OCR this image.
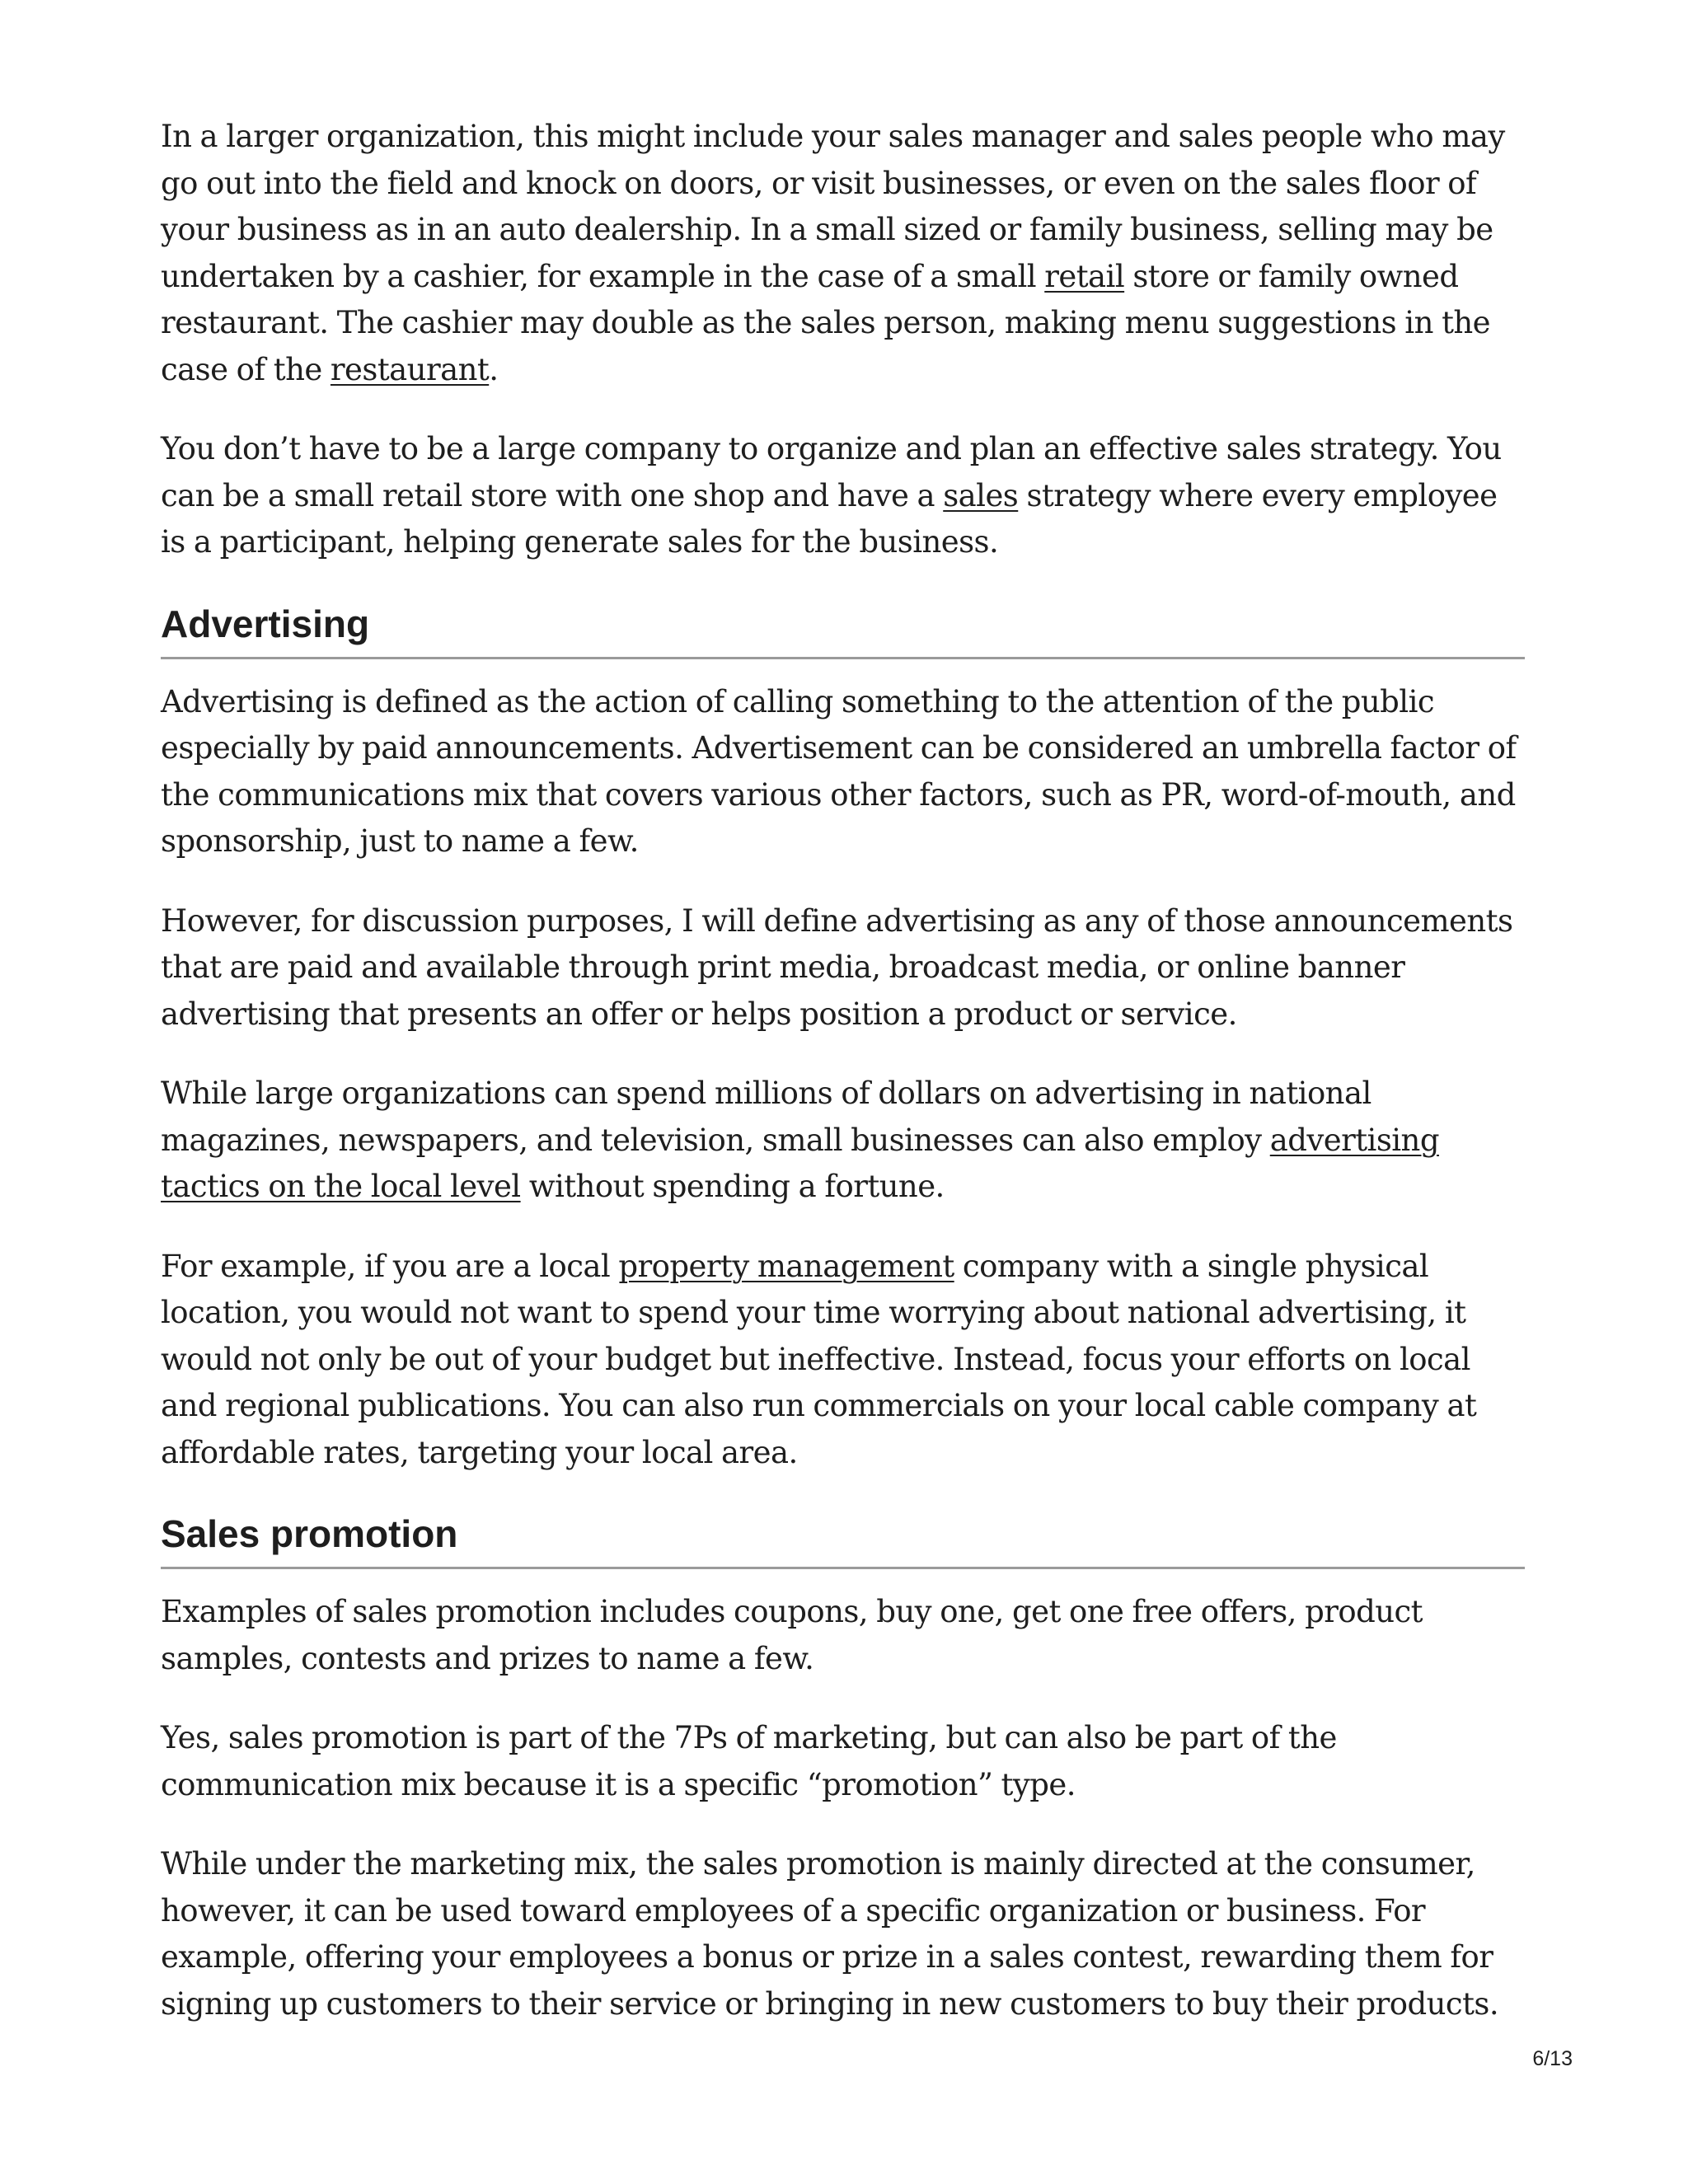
In a larger organization, this might include your sales manager and sales people who may go out into the field and knock on doors, or visit businesses, or even on the sales floor of your business as in an auto dealership. In a small sized or family business, selling may be undertaken by a cashier, for example in the case of a small retail store or family owned restaurant. The cashier may double as the sales person, making menu suggestions in the case of the restaurant.

You don’t have to be a large company to organize and plan an effective sales strategy. You can be a small retail store with one shop and have a sales strategy where every employee is a participant, helping generate sales for the business.

Advertising

Advertising is defined as the action of calling something to the attention of the public especially by paid announcements. Advertisement can be considered an umbrella factor of the communications mix that covers various other factors, such as PR, word-of-mouth, and sponsorship, just to name a few.

However, for discussion purposes, I will define advertising as any of those announcements that are paid and available through print media, broadcast media, or online banner advertising that presents an offer or helps position a product or service.

While large organizations can spend millions of dollars on advertising in national magazines, newspapers, and television, small businesses can also employ advertising tactics on the local level without spending a fortune.

For example, if you are a local property management company with a single physical location, you would not want to spend your time worrying about national advertising, it would not only be out of your budget but ineffective. Instead, focus your efforts on local and regional publications. You can also run commercials on your local cable company at affordable rates, targeting your local area.

Sales promotion

Examples of sales promotion includes coupons, buy one, get one free offers, product samples, contests and prizes to name a few.

Yes, sales promotion is part of the 7Ps of marketing, but can also be part of the communication mix because it is a specific “promotion” type.

While under the marketing mix, the sales promotion is mainly directed at the consumer, however, it can be used toward employees of a specific organization or business. For example, offering your employees a bonus or prize in a sales contest, rewarding them for signing up customers to their service or bringing in new customers to buy their products.

6/13
